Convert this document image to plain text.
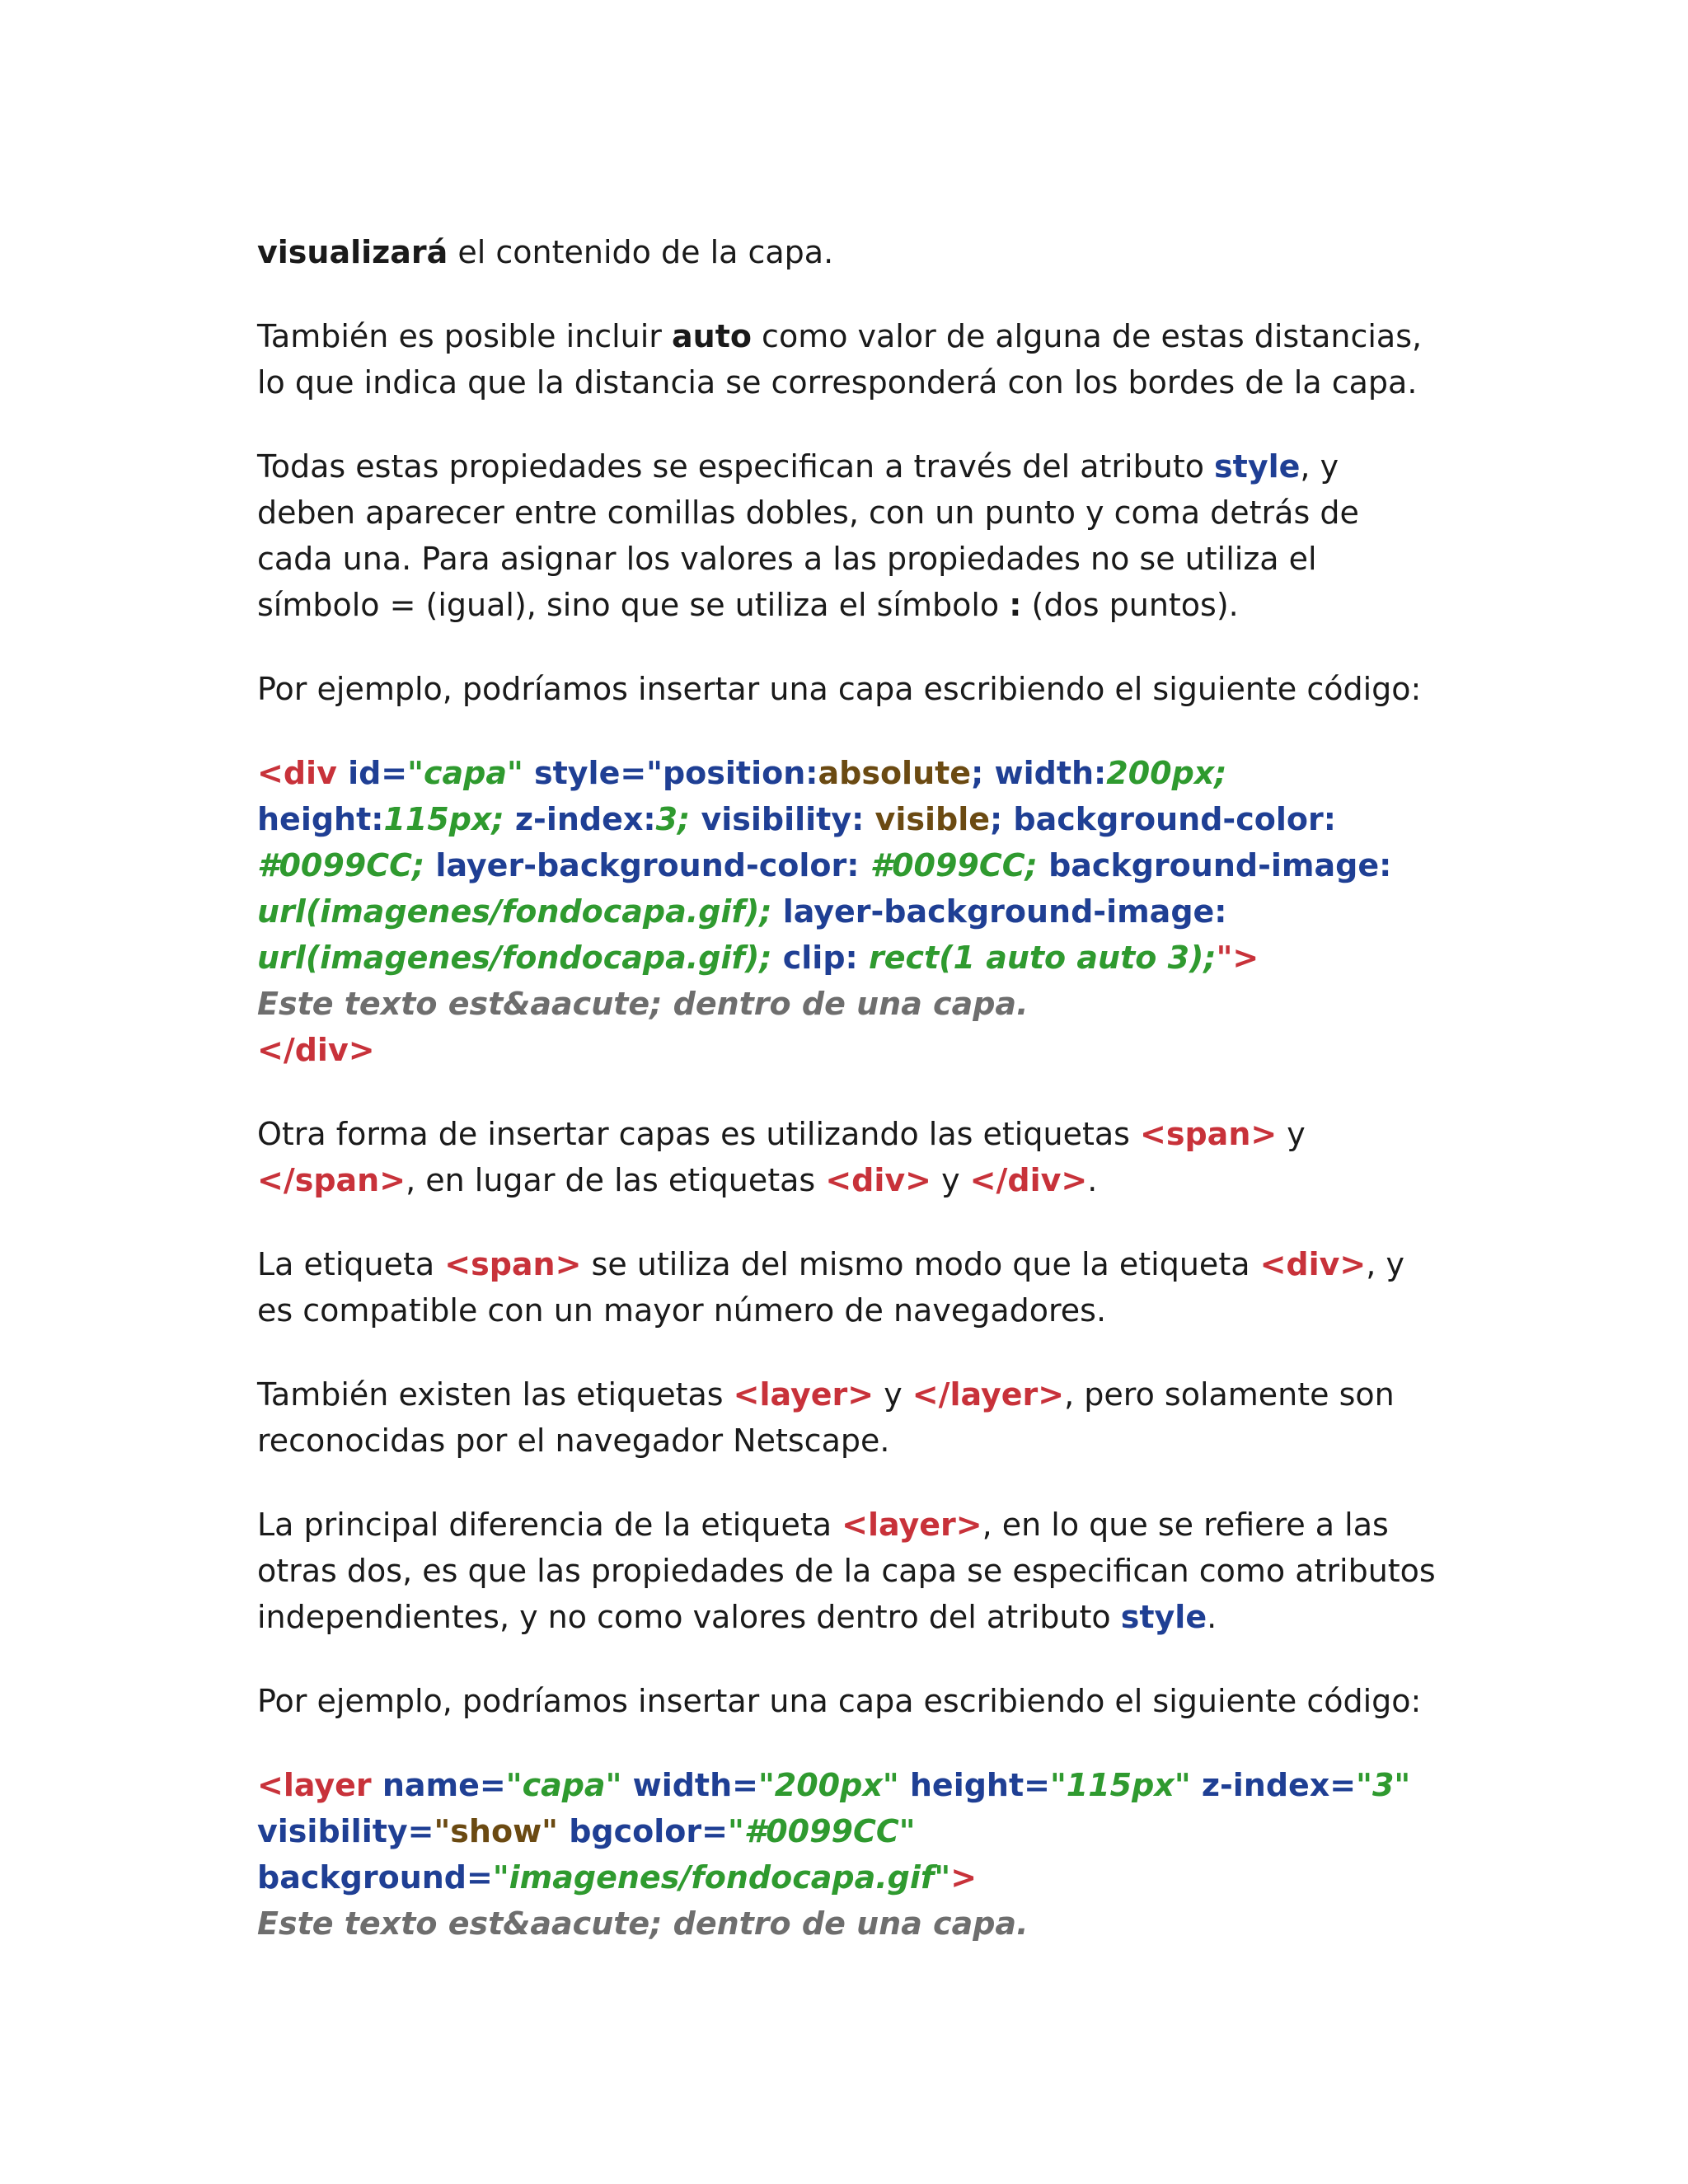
visualizará el contenido de la capa.

También es posible incluir auto como valor de alguna de estas distancias, lo que indica que la distancia se corresponderá con los bordes de la capa.

Todas estas propiedades se especifican a través del atributo style, y deben aparecer entre comillas dobles, con un punto y coma detrás de cada una. Para asignar los valores a las propiedades no se utiliza el símbolo = (igual), sino que se utiliza el símbolo : (dos puntos).

Por ejemplo, podríamos insertar una capa escribiendo el siguiente código:

<div id="capa" style="position:absolute; width:200px; height:115px; z-index:3; visibility: visible; background-color: #0099CC; layer-background-color: #0099CC; background-image: url(imagenes/fondocapa.gif); layer-background-image: url(imagenes/fondocapa.gif); clip: rect(1 auto auto 3);">
Este texto est&aacute; dentro de una capa.
</div>

Otra forma de insertar capas es utilizando las etiquetas <span> y </span>, en lugar de las etiquetas <div> y </div>.

La etiqueta <span> se utiliza del mismo modo que la etiqueta <div>, y es compatible con un mayor número de navegadores.

También existen las etiquetas <layer> y </layer>, pero solamente son reconocidas por el navegador Netscape.

La principal diferencia de la etiqueta <layer>, en lo que se refiere a las otras dos, es que las propiedades de la capa se especifican como atributos independientes, y no como valores dentro del atributo style.

Por ejemplo, podríamos insertar una capa escribiendo el siguiente código:

<layer name="capa" width="200px" height="115px" z-index="3" visibility="show" bgcolor="#0099CC" background="imagenes/fondocapa.gif">
Este texto est&aacute; dentro de una capa.
